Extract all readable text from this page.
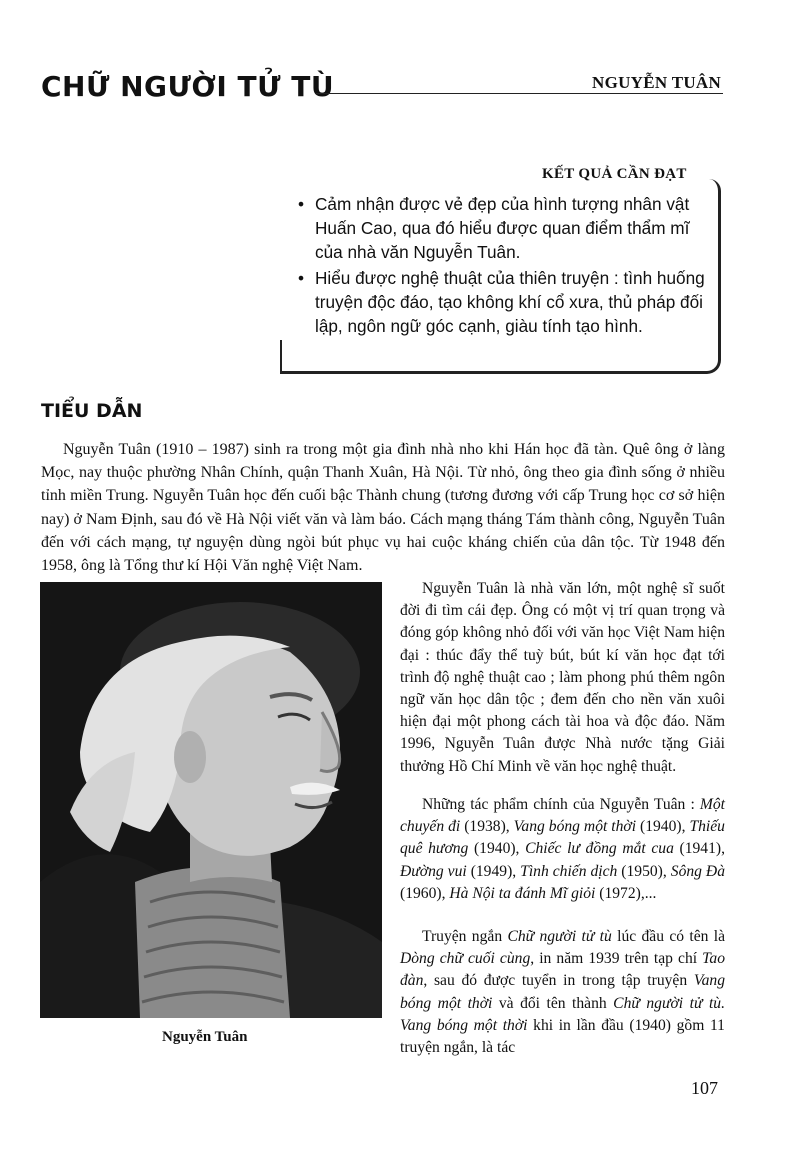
CHỮ NGƯỜI TỬ TÙ	NGUYỄN TUÂN
KẾT QUẢ CẦN ĐẠT
• Cảm nhận được vẻ đẹp của hình tượng nhân vật Huấn Cao, qua đó hiểu được quan điểm thẩm mĩ của nhà văn Nguyễn Tuân.
• Hiểu được nghệ thuật của thiên truyện : tình huống truyện độc đáo, tạo không khí cổ xưa, thủ pháp đối lập, ngôn ngữ góc cạnh, giàu tính tạo hình.
TIỂU DẪN

Nguyễn Tuân (1910 – 1987) sinh ra trong một gia đình nhà nho khi Hán học đã tàn. Quê ông ở làng Mọc, nay thuộc phường Nhân Chính, quận Thanh Xuân, Hà Nội. Từ nhỏ, ông theo gia đình sống ở nhiều tỉnh miền Trung. Nguyễn Tuân học đến cuối bậc Thành chung (tương đương với cấp Trung học cơ sở hiện nay) ở Nam Định, sau đó về Hà Nội viết văn và làm báo. Cách mạng tháng Tám thành công, Nguyễn Tuân đến với cách mạng, tự nguyện dùng ngòi bút phục vụ hai cuộc kháng chiến của dân tộc. Từ 1948 đến 1958, ông là Tổng thư kí Hội Văn nghệ Việt Nam.

Nguyễn Tuân

Nguyễn Tuân là nhà văn lớn, một nghệ sĩ suốt đời đi tìm cái đẹp. Ông có một vị trí quan trọng và đóng góp không nhỏ đối với văn học Việt Nam hiện đại : thúc đẩy thể tuỳ bút, bút kí văn học đạt tới trình độ nghệ thuật cao ; làm phong phú thêm ngôn ngữ văn học dân tộc ; đem đến cho nền văn xuôi hiện đại một phong cách tài hoa và độc đáo. Năm 1996, Nguyễn Tuân được Nhà nước tặng Giải thưởng Hồ Chí Minh về văn học nghệ thuật.

Những tác phẩm chính của Nguyễn Tuân : Một chuyến đi (1938), Vang bóng một thời (1940), Thiếu quê hương (1940), Chiếc lư đồng mắt cua (1941), Đường vui (1949), Tình chiến dịch (1950), Sông Đà (1960), Hà Nội ta đánh Mĩ giỏi (1972),...

Truyện ngắn Chữ người tử tù lúc đầu có tên là Dòng chữ cuối cùng, in năm 1939 trên tạp chí Tao đàn, sau đó được tuyển in trong tập truyện Vang bóng một thời và đổi tên thành Chữ người tử tù. Vang bóng một thời khi in lần đầu (1940) gồm 11 truyện ngắn, là tác

107
